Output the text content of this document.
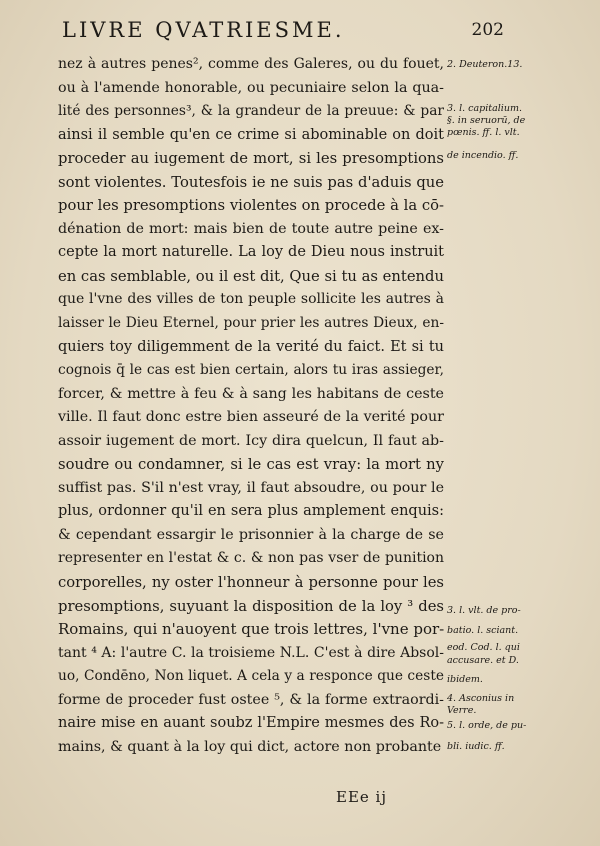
LIVRE QVATRIESME.	202
nez à autres penes², comme des Galeres, ou du fouet,
ou à l'amende honorable, ou pecuniaire selon la qua-
lité des personnes³, & la grandeur de la preuue: & par
ainsi il semble qu'en ce crime si abominable on doit
proceder au iugement de mort, si les presomptions
sont violentes. Toutesfois ie ne suis pas d'aduis que
pour les presomptions violentes on procede à la cō-
dénation de mort: mais bien de toute autre peine ex-
cepte la mort naturelle. La loy de Dieu nous instruit
en cas semblable, ou il est dit, Que si tu as entendu
que l'vne des villes de ton peuple sollicite les autres à
laisser le Dieu Eternel, pour prier les autres Dieux, en-
quiers toy diligemment de la verité du faict. Et si tu
cognois q̄ le cas est bien certain, alors tu iras assieger,
forcer, & mettre à feu & à sang les habitans de ceste
ville. Il faut donc estre bien asseuré de la verité pour
assoir iugement de mort. Icy dira quelcun, Il faut ab-
soudre ou condamner, si le cas est vray: la mort ny
suffist pas. S'il n'est vray, il faut absoudre, ou pour le
plus, ordonner qu'il en sera plus amplement enquis:
& cependant essargir le prisonnier à la charge de se
representer en l'estat & c. & non pas vser de punition
corporelles, ny oster l'honneur à personne pour les
presomptions, suyuant la disposition de la loy ³ des
Romains, qui n'auoyent que trois lettres, l'vne por-
tant ⁴ A: l'autre C. la troisieme N.L. C'est à dire Absol-
uo, Condēno, Non liquet. A cela y a responce que ceste
forme de proceder fust ostee ⁵, & la forme extraordi-
naire mise en auant soubz l'Empire mesmes des Ro-
mains, & quant à la loy qui dict, actore non probante
2. Deuteron.13.
3. l. capitalium.
§. in seruorū, de
pœnis. ff. l. vlt.
de incendio. ff.
3. l. vlt. de pro-
batio. l. sciant.
eod. Cod. l. qui
accusare. et D.
ibidem.
4. Asconius in
Verre.
5. l. orde, de pu-
bli. iudic. ff.
EEe ij
